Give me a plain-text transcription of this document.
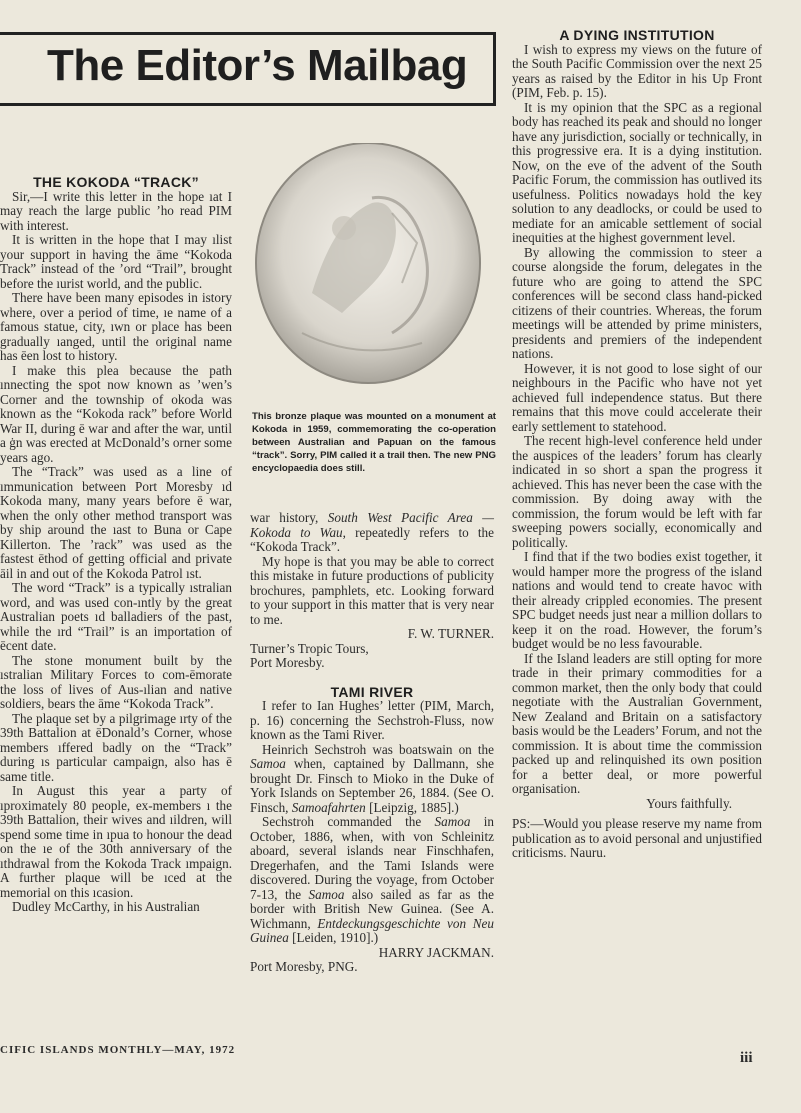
The Editor’s Mailbag

THE KOKODA “TRACK”

Sir,—I write this letter in the hope ıat I may reach the large public ’ho read PIM with interest.

It is written in the hope that I may ılist your support in having the āme “Kokoda Track” instead of the ’ord “Trail”, brought before the ıurist world, and the public.

There have been many episodes in istory where, over a period of time, ıe name of a famous statue, city, ıwn or place has been gradually ıanged, until the original name has ēen lost to history.

I make this plea because the path ınnecting the spot now known as ’wen’s Corner and the township of okoda was known as the “Kokoda rack” before World War II, during ē war and after the war, until a ġn was erected at McDonald’s orner some years ago.

The “Track” was used as a line of ımmunication between Port Moresby ıd Kokoda many, many years before ē war, when the only other method transport was by ship around the ıast to Buna or Cape Killerton. The ’rack” was used as the fastest ēthod of getting official and private āil in and out of the Kokoda Patrol ıst.

The word “Track” is a typically ıstralian word, and was used con-ıntly by the great Australian poets ıd balladiers of the past, while the ırd “Trail” is an importation of ēcent date.

The stone monument built by the ıstralian Military Forces to com-ēmorate the loss of lives of Aus-ılian and native soldiers, bears the āme “Kokoda Track”.

The plaque set by a pilgrimage ırty of the 39th Battalion at ēDonald’s Corner, whose members ıffered badly on the “Track” during ıs particular campaign, also has ē same title.

In August this year a party of ıproximately 80 people, ex-members ı the 39th Battalion, their wives and ıildren, will spend some time in ıpua to honour the dead on the ıe of the 30th anniversary of the ıthdrawal from the Kokoda Track ımpaign. A further plaque will be ıced at the memorial on this ıcasion.

Dudley McCarthy, in his Australian

This bronze plaque was mounted on a monument at Kokoda in 1959, commemorating the co-operation between Australian and Papuan on the famous “track”. Sorry, PIM called it a trail then. The new PNG encyclopaedia does still.

war history, South West Pacific Area — Kokoda to Wau, repeatedly refers to the “Kokoda Track”.

My hope is that you may be able to correct this mistake in future productions of publicity brochures, pamphlets, etc. Looking forward to your support in this matter that is very near to me.

F. W. TURNER.

Turner’s Tropic Tours,

Port Moresby.

TAMI RIVER

I refer to Ian Hughes’ letter (PIM, March, p. 16) concerning the Sechstroh-Fluss, now known as the Tami River.

Heinrich Sechstroh was boatswain on the Samoa when, captained by Dallmann, she brought Dr. Finsch to Mioko in the Duke of York Islands on September 26, 1884. (See O. Finsch, Samoafahrten [Leipzig, 1885].)

Sechstroh commanded the Samoa in October, 1886, when, with von Schleinitz aboard, several islands near Finschhafen, Dregerhafen, and the Tami Islands were discovered. During the voyage, from October 7-13, the Samoa also sailed as far as the border with British New Guinea. (See A. Wichmann, Entdeckungsgeschichte von Neu Guinea [Leiden, 1910].)

HARRY JACKMAN.

Port Moresby, PNG.

A DYING INSTITUTION

I wish to express my views on the future of the South Pacific Commission over the next 25 years as raised by the Editor in his Up Front (PIM, Feb. p. 15).

It is my opinion that the SPC as a regional body has reached its peak and should no longer have any jurisdiction, socially or technically, in this progressive era. It is a dying institution. Now, on the eve of the advent of the South Pacific Forum, the commission has outlived its usefulness. Politics nowadays hold the key solution to any deadlocks, or could be used to mediate for an amicable settlement of social inequities at the highest government level.

By allowing the commission to steer a course alongside the forum, delegates in the future who are going to attend the SPC conferences will be second class hand-picked citizens of their countries. Whereas, the forum meetings will be attended by prime ministers, presidents and premiers of the independent nations.

However, it is not good to lose sight of our neighbours in the Pacific who have not yet achieved full independence status. But there remains that this move could accelerate their early settlement to statehood.

The recent high-level conference held under the auspices of the leaders’ forum has clearly indicated in so short a span the progress it achieved. This has never been the case with the commission. By doing away with the commission, the forum would be left with far sweeping powers socially, economically and politically.

I find that if the two bodies exist together, it would hamper more the progress of the island nations and would tend to create havoc with their already crippled economies. The present SPC budget needs just near a million dollars to keep it on the road. However, the forum’s budget would be no less favourable.

If the Island leaders are still opting for more trade in their primary commodities for a common market, then the only body that could negotiate with the Australian Government, New Zealand and Britain on a satisfactory basis would be the Leaders’ Forum, and not the commission. It is about time the commission packed up and relinquished its own position for a better deal, or more powerful organisation.

Yours faithfully.

PS:—Would you please reserve my name from publication as to avoid personal and unjustified criticisms. Nauru.

CIFIC ISLANDS MONTHLY—MAY, 1972	iii
